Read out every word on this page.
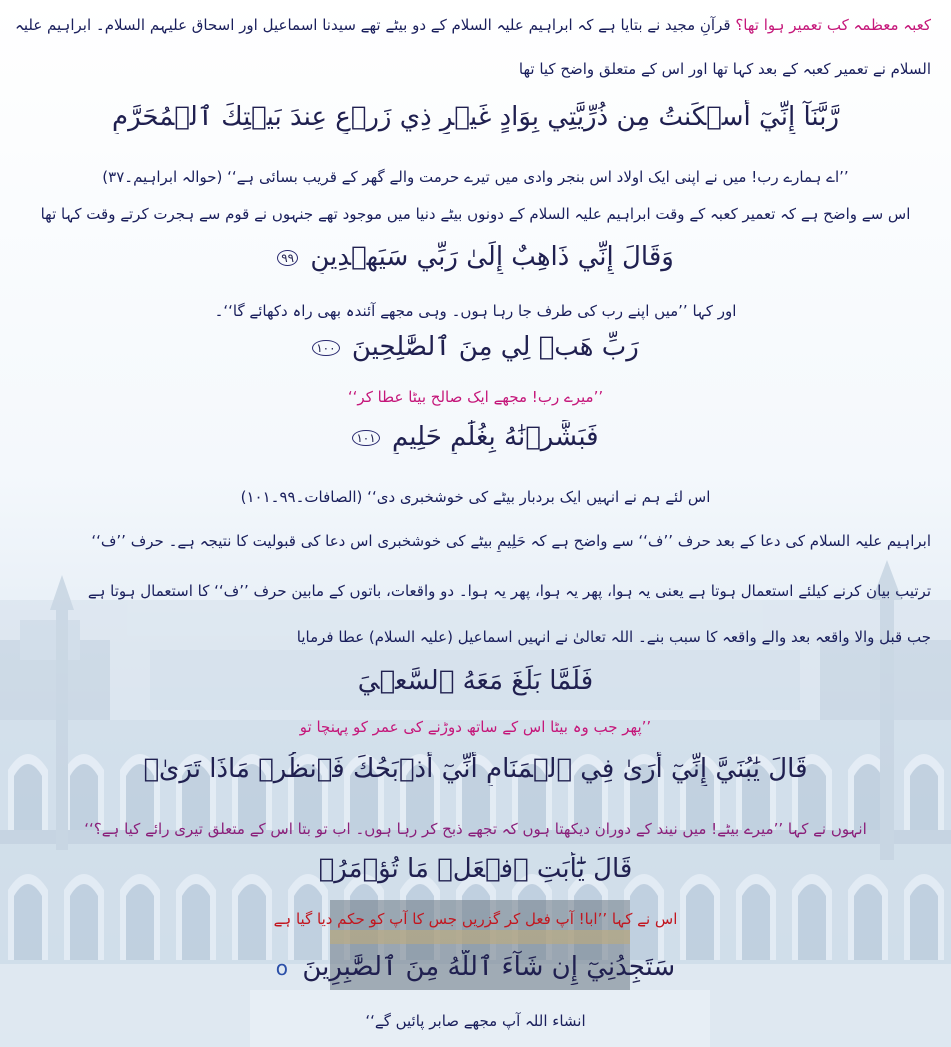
کعبہ معظمہ کب تعمیر ہوا تھا؟ قرآنِ مجید نے بتایا ہے کہ ابراہیم علیہ السلام کے دو بیٹے تھے سیدنا اسماعیل اور اسحاق علیہم السلام۔ ابراہیم علیہ
السلام نے تعمیر کعبہ کے بعد کہا تھا اور اس کے متعلق واضح کیا تھا
رَّبَّنَآ إِنِّيٓ أَسۡكَنتُ مِن ذُرِّيَّتِي بِوَادٍ غَيۡرِ ذِي زَرۡعٍ عِندَ بَيۡتِكَ ٱلۡمُحَرَّمِ
’’اے ہمارے رب! میں نے اپنی ایک اولاد اس بنجر وادی میں تیرے حرمت والے گھر کے قریب بسائی ہے‘‘ (حوالہ ابراہیم۔۳۷)
اس سے واضح ہے کہ تعمیر کعبہ کے وقت ابراہیم علیہ السلام کے دونوں بیٹے دنیا میں موجود تھے جنہوں نے قوم سے ہجرت کرتے وقت کہا تھا
وَقَالَ إِنِّي ذَاهِبٌ إِلَىٰ رَبِّي سَيَهۡدِينِ ٩٩
اور کہا ’’میں اپنے رب کی طرف جا رہا ہوں۔ وہی مجھے آئندہ بھی راہ دکھائے گا‘‘۔
رَبِّ هَبۡ لِي مِنَ ٱلصَّٰلِحِينَ ١٠٠
’’میرے رب! مجھے ایک صالح بیٹا عطا کر‘‘
فَبَشَّرۡنَٰهُ بِغُلَٰمٍ حَلِيمٍ ١٠١
اس لئے ہم نے انہیں ایک بردبار بیٹے کی خوشخبری دی‘‘ (الصافات۔۹۹۔۱۰۱)
ابراہیم علیہ السلام کی دعا کے بعد حرف ’’ف‘‘ سے واضح ہے کہ حَلِيمٍ بیٹے کی خوشخبری اس دعا کی قبولیت کا نتیجہ ہے۔ حرف ’’ف‘‘
ترتیب بیان کرنے کیلئے استعمال ہوتا ہے یعنی یہ ہوا، پھر یہ ہوا، پھر یہ ہوا۔ دو واقعات، باتوں کے مابین حرف ’’ف‘‘ کا استعمال ہوتا ہے
جب قبل والا واقعہ بعد والے واقعہ کا سبب بنے۔ اللہ تعالیٰ نے انہیں اسماعیل (علیہ السلام) عطا فرمایا
فَلَمَّا بَلَغَ مَعَهُ ٱلسَّعۡيَ
’’پھر جب وہ بیٹا اس کے ساتھ دوڑنے کی عمر کو پہنچا تو
قَالَ يَٰبُنَيَّ إِنِّيٓ أَرَىٰ فِي ٱلۡمَنَامِ أَنِّيٓ أَذۡبَحُكَ فَٱنظُرۡ مَاذَا تَرَىٰۚ
انہوں نے کہا ’’میرے بیٹے! میں نیند کے دوران دیکھتا ہوں کہ تجھے ذبح کر رہا ہوں۔ اب تو بتا اس کے متعلق تیری رائے کیا ہے؟‘‘
قَالَ يَٰٓأَبَتِ ٱفۡعَلۡ مَا تُؤۡمَرُۖ
اس نے کہا ’’ابا! آپ فعل کر گزریں جس کا آپ کو حکم دیا گیا ہے
سَتَجِدُنِيٓ إِن شَآءَ ٱللَّهُ مِنَ ٱلصَّٰبِرِينَ o
انشاء اللہ آپ مجھے صابر پائیں گے‘‘
